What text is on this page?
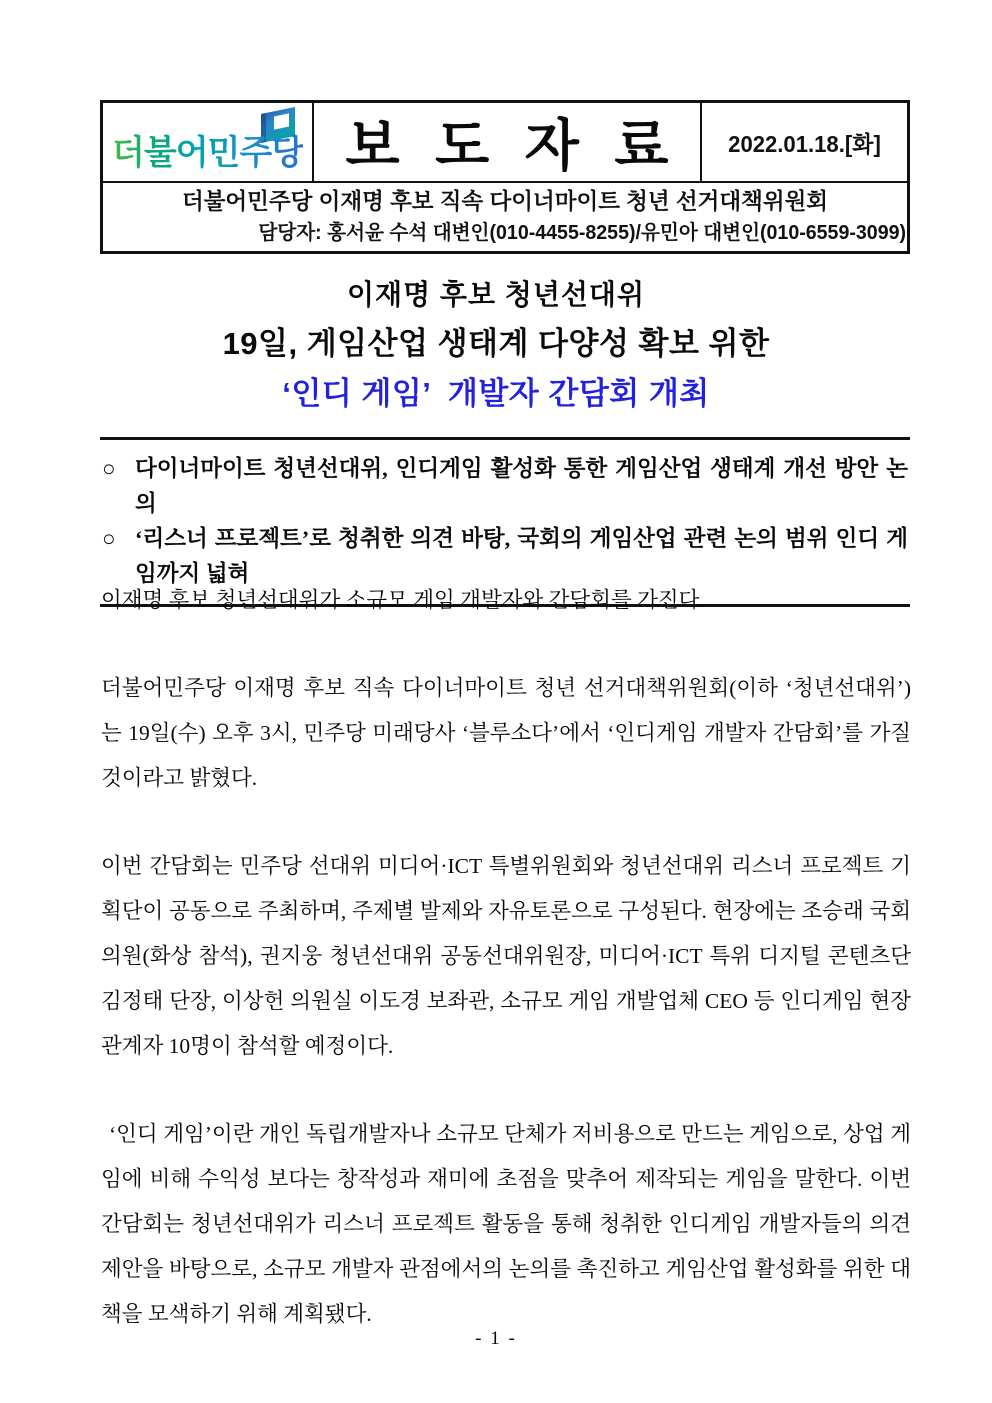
더불어민주당 보 도 자 료 2022.01.18.[화]
더불어민주당 이재명 후보 직속 다이너마이트 청년 선거대책위원회
담당자: 홍서윤 수석 대변인(010-4455-8255)/유민아 대변인(010-6559-3099)
이재명 후보 청년선대위
19일, 게임산업 생태계 다양성 확보 위한
‘인디 게임’  개발자 간담회 개최
○ 다이너마이트 청년선대위, 인디게임 활성화 통한 게임산업 생태계 개선 방안 논의
○ ‘리스너 프로젝트’로 청취한 의견 바탕, 국회의 게임산업 관련 논의 범위 인디 게임까지 넓혀

이재명 후보 청년선대위가 소규모 게임 개발자와 간담회를 가진다.

더불어민주당 이재명 후보 직속 다이너마이트 청년 선거대책위원회(이하 ‘청년선대위’)는 19일(수) 오후 3시, 민주당 미래당사 ‘블루소다’에서 ‘인디게임 개발자 간담회’를 가질 것이라고 밝혔다.

이번 간담회는 민주당 선대위 미디어·ICT 특별위원회와 청년선대위 리스너 프로젝트 기획단이 공동으로 주최하며, 주제별 발제와 자유토론으로 구성된다. 현장에는 조승래 국회의원(화상 참석), 권지웅 청년선대위 공동선대위원장, 미디어·ICT 특위 디지털 콘텐츠단 김정태 단장, 이상헌 의원실 이도경 보좌관, 소규모 게임 개발업체 CEO 등 인디게임 현장 관계자 10명이 참석할 예정이다.

‘인디 게임’이란 개인 독립개발자나 소규모 단체가 저비용으로 만드는 게임으로, 상업 게임에 비해 수익성 보다는 창작성과 재미에 초점을 맞추어 제작되는 게임을 말한다. 이번 간담회는 청년선대위가 리스너 프로젝트 활동을 통해 청취한 인디게임 개발자들의 의견 제안을 바탕으로, 소규모 개발자 관점에서의 논의를 촉진하고 게임산업 활성화를 위한 대책을 모색하기 위해 계획됐다.

- 1 -
